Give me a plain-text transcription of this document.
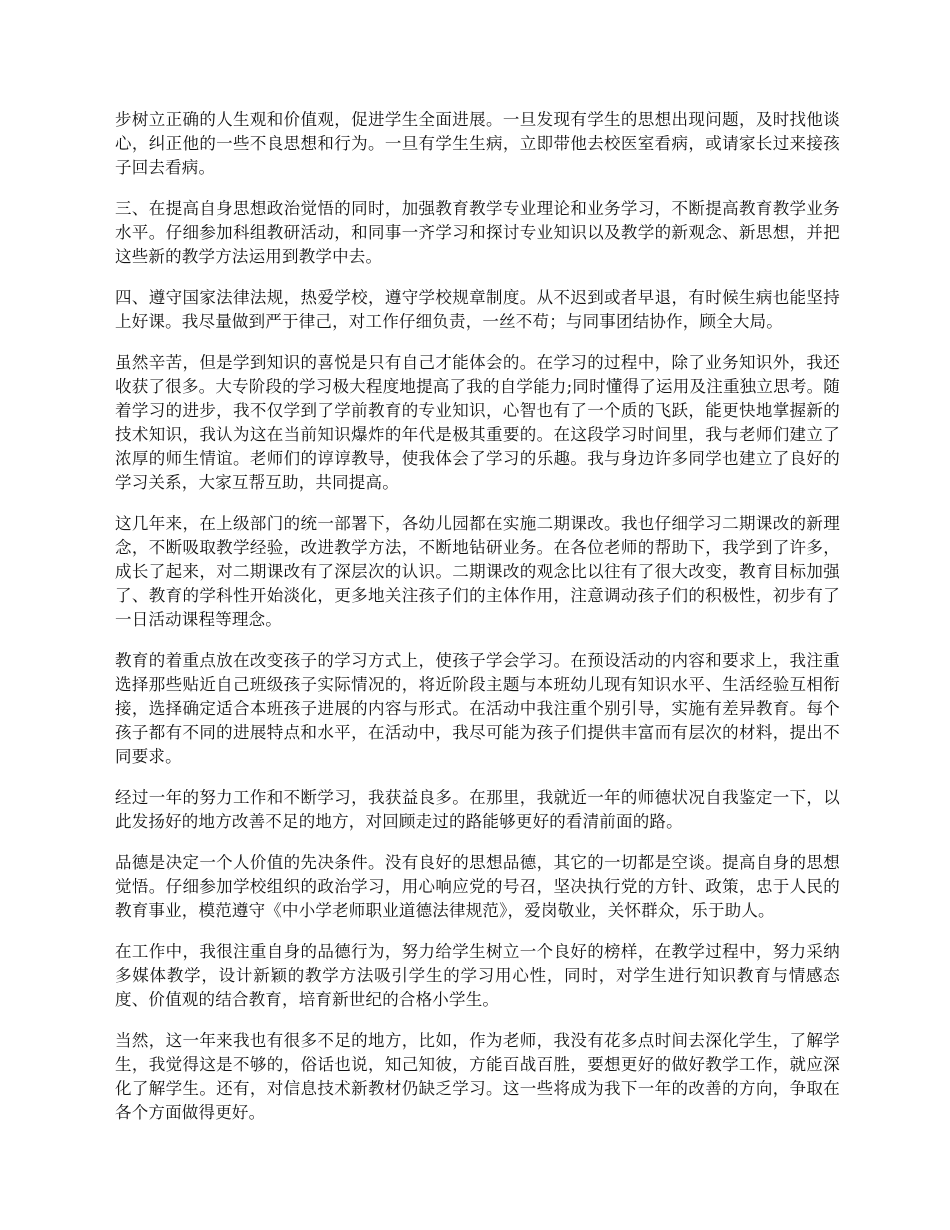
步树立正确的人生观和价值观，促进学生全面进展。一旦发现有学生的思想出现问题，及时找他谈心，纠正他的一些不良思想和行为。一旦有学生生病，立即带他去校医室看病，或请家长过来接孩子回去看病。

三、在提高自身思想政治觉悟的同时，加强教育教学专业理论和业务学习，不断提高教育教学业务水平。仔细参加科组教研活动，和同事一齐学习和探讨专业知识以及教学的新观念、新思想，并把这些新的教学方法运用到教学中去。

四、遵守国家法律法规，热爱学校，遵守学校规章制度。从不迟到或者早退，有时候生病也能坚持上好课。我尽量做到严于律己，对工作仔细负责，一丝不苟；与同事团结协作，顾全大局。

虽然辛苦，但是学到知识的喜悦是只有自己才能体会的。在学习的过程中，除了业务知识外，我还收获了很多。大专阶段的学习极大程度地提高了我的自学能力;同时懂得了运用及注重独立思考。随着学习的进步，我不仅学到了学前教育的专业知识，心智也有了一个质的飞跃，能更快地掌握新的技术知识，我认为这在当前知识爆炸的年代是极其重要的。在这段学习时间里，我与老师们建立了浓厚的师生情谊。老师们的谆谆教导，使我体会了学习的乐趣。我与身边许多同学也建立了良好的学习关系，大家互帮互助，共同提高。

这几年来，在上级部门的统一部署下，各幼儿园都在实施二期课改。我也仔细学习二期课改的新理念，不断吸取教学经验，改进教学方法，不断地钻研业务。在各位老师的帮助下，我学到了许多，成长了起来，对二期课改有了深层次的认识。二期课改的观念比以往有了很大改变，教育目标加强了、教育的学科性开始淡化，更多地关注孩子们的主体作用，注意调动孩子们的积极性，初步有了一日活动课程等理念。

教育的着重点放在改变孩子的学习方式上，使孩子学会学习。在预设活动的内容和要求上，我注重选择那些贴近自己班级孩子实际情况的，将近阶段主题与本班幼儿现有知识水平、生活经验互相衔接，选择确定适合本班孩子进展的内容与形式。在活动中我注重个别引导，实施有差异教育。每个孩子都有不同的进展特点和水平，在活动中，我尽可能为孩子们提供丰富而有层次的材料，提出不同要求。

经过一年的努力工作和不断学习，我获益良多。在那里，我就近一年的师德状况自我鉴定一下，以此发扬好的地方改善不足的地方，对回顾走过的路能够更好的看清前面的路。

品德是决定一个人价值的先决条件。没有良好的思想品德，其它的一切都是空谈。提高自身的思想觉悟。仔细参加学校组织的政治学习，用心响应党的号召，坚决执行党的方针、政策，忠于人民的教育事业，模范遵守《中小学老师职业道德法律规范》，爱岗敬业，关怀群众，乐于助人。

在工作中，我很注重自身的品德行为，努力给学生树立一个良好的榜样，在教学过程中，努力采纳多媒体教学，设计新颖的教学方法吸引学生的学习用心性，同时，对学生进行知识教育与情感态度、价值观的结合教育，培育新世纪的合格小学生。

当然，这一年来我也有很多不足的地方，比如，作为老师，我没有花多点时间去深化学生，了解学生，我觉得这是不够的，俗话也说，知己知彼，方能百战百胜，要想更好的做好教学工作，就应深化了解学生。还有，对信息技术新教材仍缺乏学习。这一些将成为我下一年的改善的方向，争取在各个方面做得更好。
